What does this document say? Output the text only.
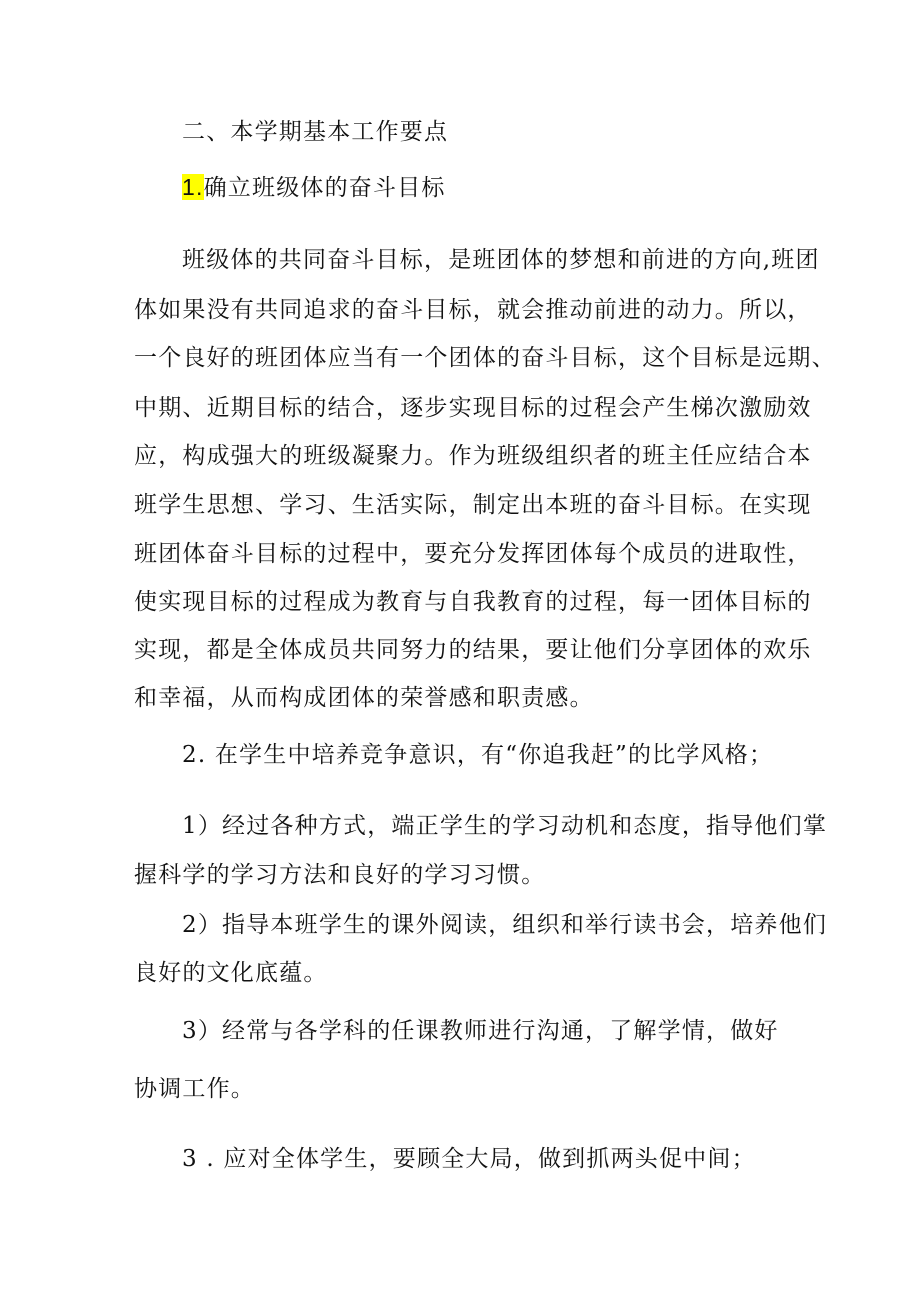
二、本学期基本工作要点
1.确立班级体的奋斗目标
班级体的共同奋斗目标，是班团体的梦想和前进的方向,班团
体如果没有共同追求的奋斗目标，就会推动前进的动力。所以，
一个良好的班团体应当有一个团体的奋斗目标，这个目标是远期、
中期、近期目标的结合，逐步实现目标的过程会产生梯次激励效
应，构成强大的班级凝聚力。作为班级组织者的班主任应结合本
班学生思想、学习、生活实际，制定出本班的奋斗目标。在实现
班团体奋斗目标的过程中，要充分发挥团体每个成员的进取性，
使实现目标的过程成为教育与自我教育的过程，每一团体目标的
实现，都是全体成员共同努力的结果，要让他们分享团体的欢乐
和幸福，从而构成团体的荣誉感和职责感。
2. 在学生中培养竞争意识，有“你追我赶”的比学风格；
1）经过各种方式，端正学生的学习动机和态度，指导他们掌
握科学的学习方法和良好的学习习惯。
2）指导本班学生的课外阅读，组织和举行读书会，培养他们
良好的文化底蕴。
3）经常与各学科的任课教师进行沟通，了解学情，做好
协调工作。
3 . 应对全体学生，要顾全大局，做到抓两头促中间；
